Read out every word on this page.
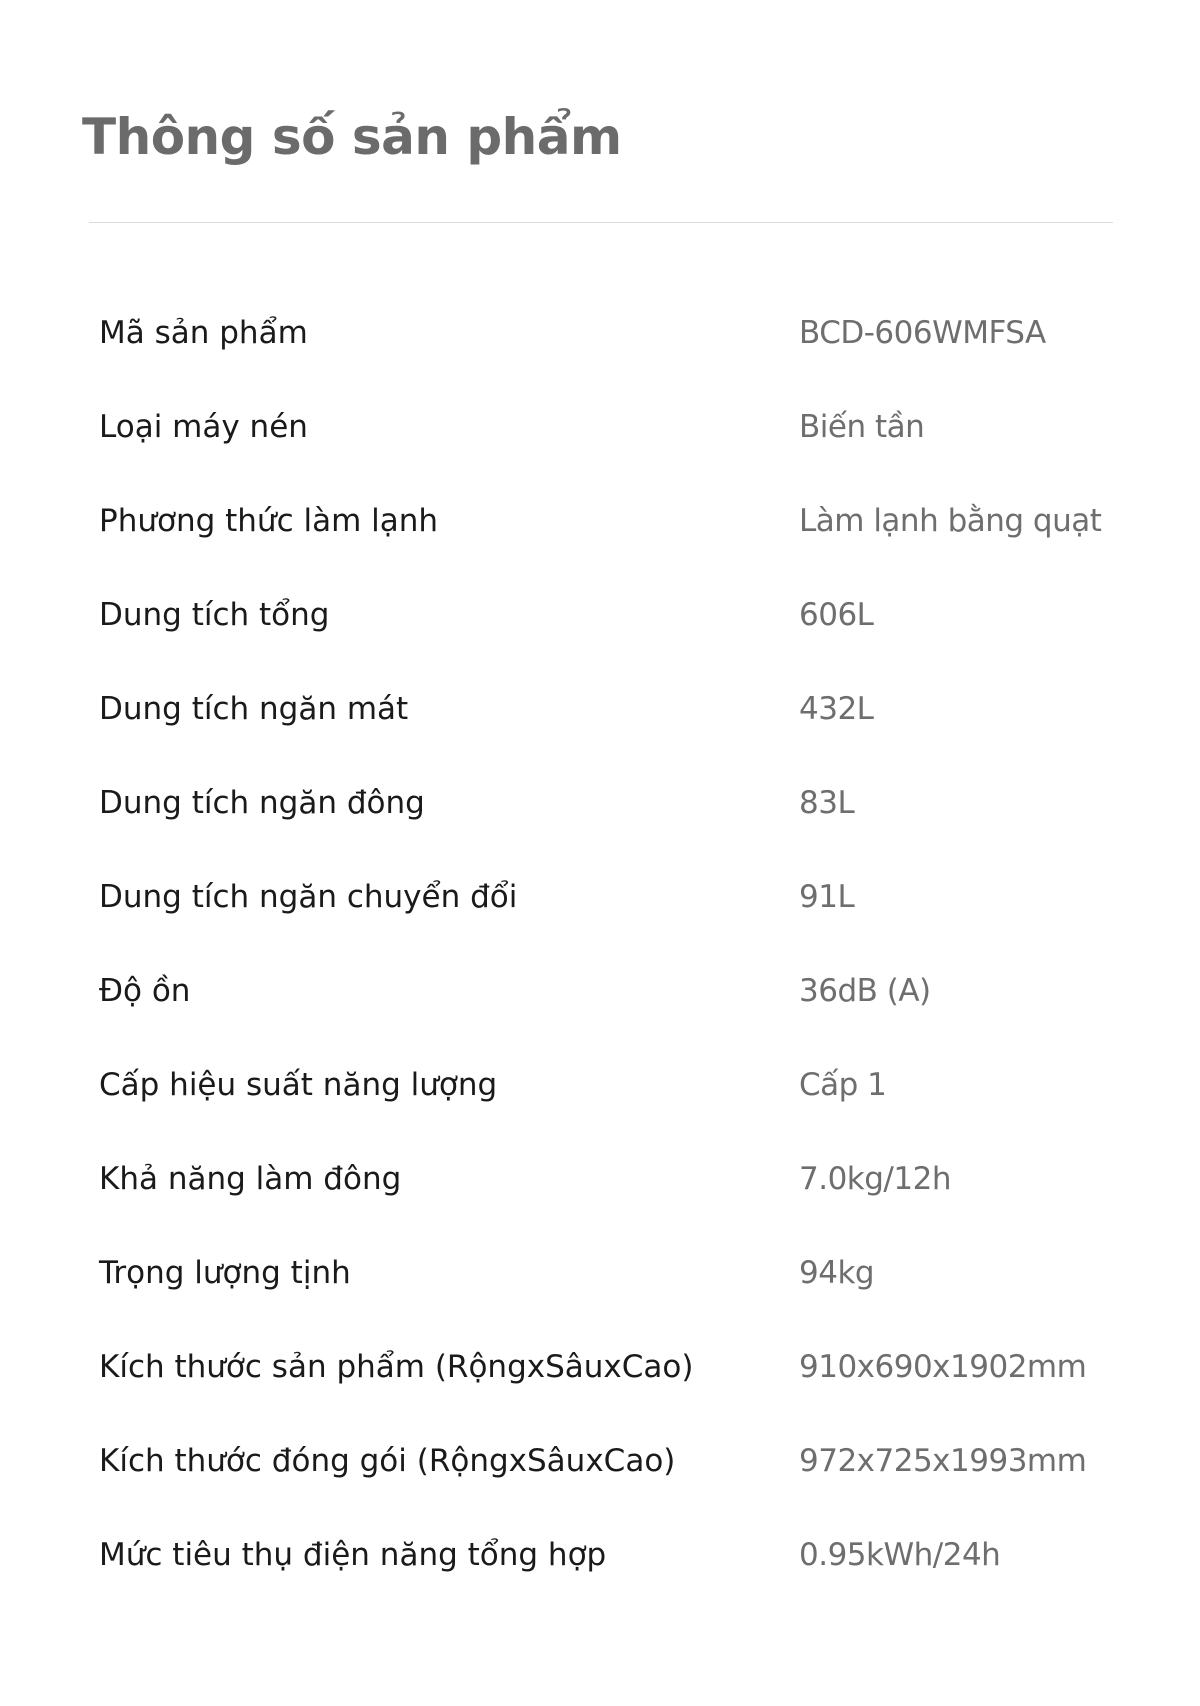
Thông số sản phẩm
Mã sản phẩm	BCD-606WMFSA
Loại máy nén	Biến tần
Phương thức làm lạnh	Làm lạnh bằng quạt
Dung tích tổng	606L
Dung tích ngăn mát	432L
Dung tích ngăn đông	83L
Dung tích ngăn chuyển đổi	91L
Độ ồn	36dB (A)
Cấp hiệu suất năng lượng	Cấp 1
Khả năng làm đông	7.0kg/12h
Trọng lượng tịnh	94kg
Kích thước sản phẩm (RộngxSâuxCao)	910x690x1902mm
Kích thước đóng gói (RộngxSâuxCao)	972x725x1993mm
Mức tiêu thụ điện năng tổng hợp	0.95kWh/24h
